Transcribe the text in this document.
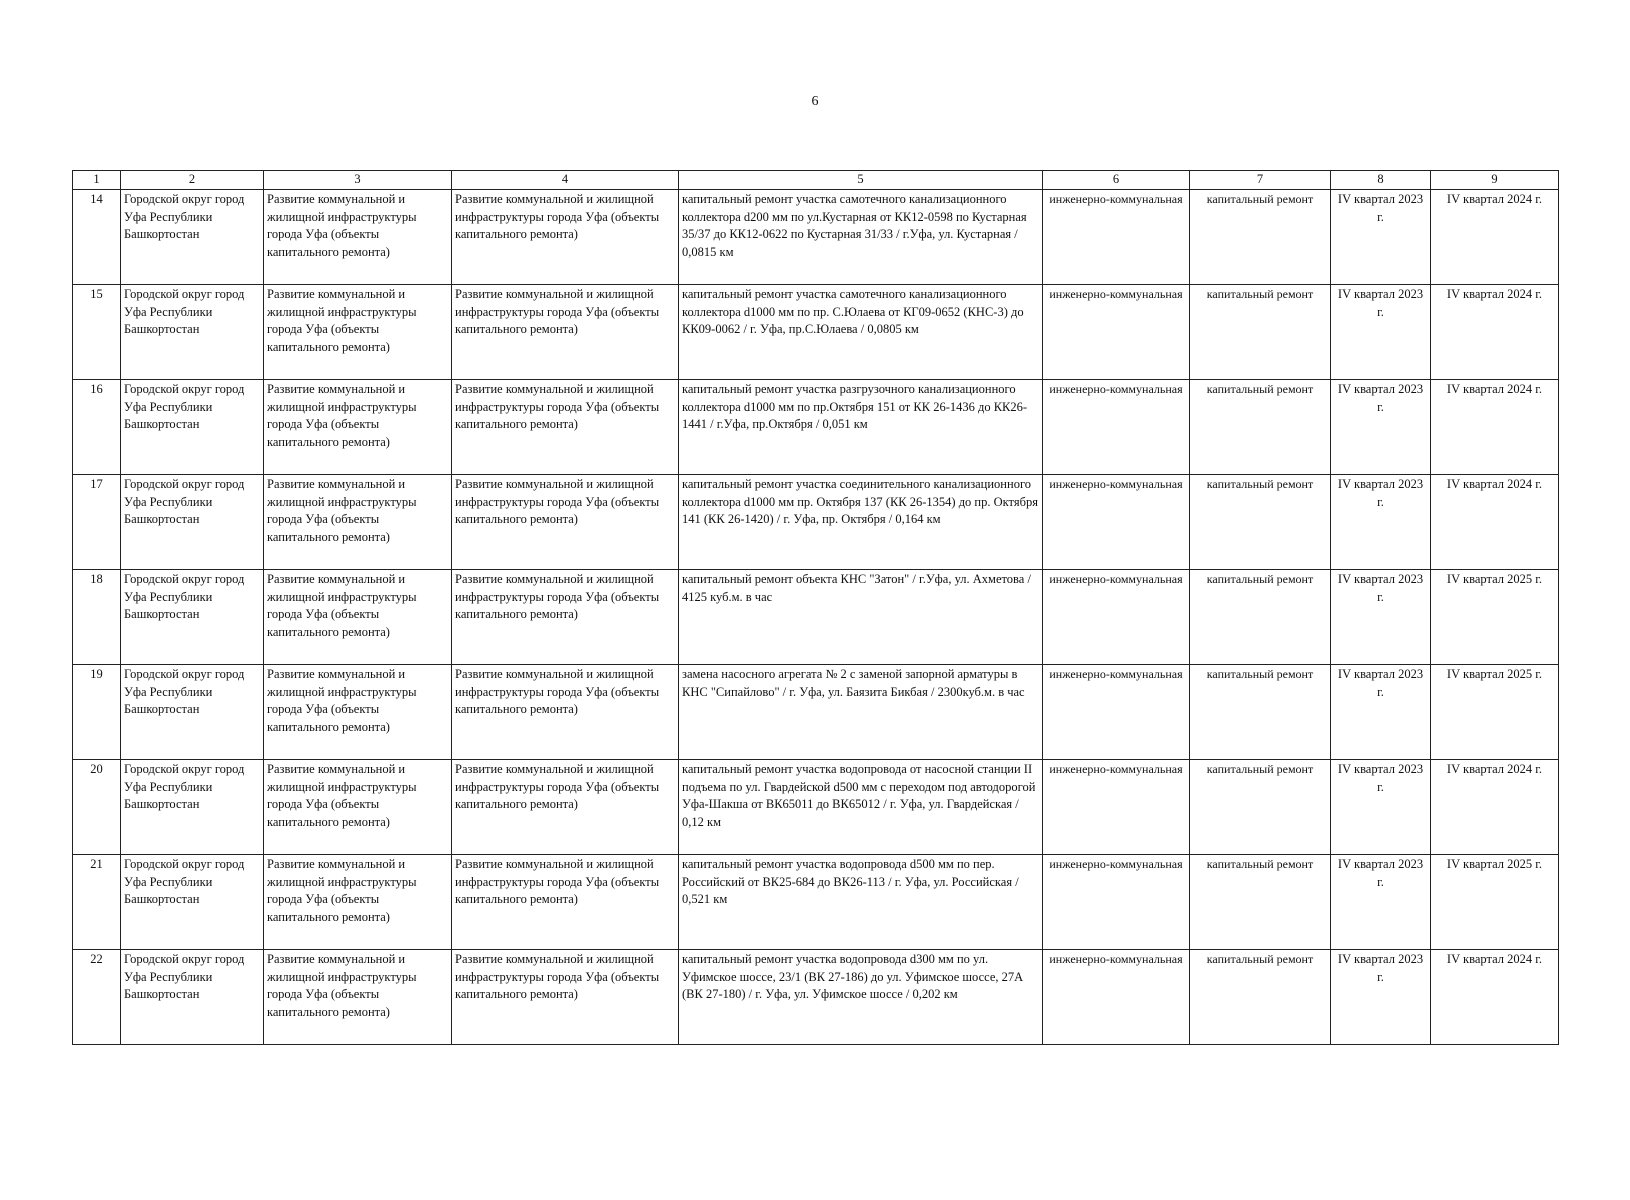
6
1	2	3	4	5	6	7	8	9
14	Городской округ город Уфа Республики Башкортостан	Развитие коммунальной и жилищной инфраструктуры города Уфа (объекты капитального ремонта)	Развитие коммунальной и жилищной инфраструктуры города Уфа (объекты капитального ремонта)	капитальный ремонт участка самотечного канализационного коллектора d200 мм по ул.Кустарная от КК12-0598 по Кустарная 35/37 до КК12-0622 по Кустарная 31/33 / г.Уфа, ул. Кустарная / 0,0815 км	инженерно-коммунальная	капитальный ремонт	IV квартал 2023 г.	IV квартал 2024 г.
15	Городской округ город Уфа Республики Башкортостан	Развитие коммунальной и жилищной инфраструктуры города Уфа (объекты капитального ремонта)	Развитие коммунальной и жилищной инфраструктуры города Уфа (объекты капитального ремонта)	капитальный ремонт участка самотечного канализационного коллектора d1000 мм по пр. С.Юлаева от КГ09-0652 (КНС-3) до КК09-0062 / г. Уфа, пр.С.Юлаева / 0,0805 км	инженерно-коммунальная	капитальный ремонт	IV квартал 2023 г.	IV квартал 2024 г.
16	Городской округ город Уфа Республики Башкортостан	Развитие коммунальной и жилищной инфраструктуры города Уфа (объекты капитального ремонта)	Развитие коммунальной и жилищной инфраструктуры города Уфа (объекты капитального ремонта)	капитальный ремонт участка разгрузочного канализационного коллектора d1000 мм по пр.Октября 151 от КК 26-1436 до КК26-1441 / г.Уфа, пр.Октября / 0,051 км	инженерно-коммунальная	капитальный ремонт	IV квартал 2023 г.	IV квартал 2024 г.
17	Городской округ город Уфа Республики Башкортостан	Развитие коммунальной и жилищной инфраструктуры города Уфа (объекты капитального ремонта)	Развитие коммунальной и жилищной инфраструктуры города Уфа (объекты капитального ремонта)	капитальный ремонт участка соединительного канализационного коллектора d1000 мм пр. Октября 137 (КК 26-1354) до пр. Октября 141 (КК 26-1420) / г. Уфа, пр. Октября / 0,164 км	инженерно-коммунальная	капитальный ремонт	IV квартал 2023 г.	IV квартал 2024 г.
18	Городской округ город Уфа Республики Башкортостан	Развитие коммунальной и жилищной инфраструктуры города Уфа (объекты капитального ремонта)	Развитие коммунальной и жилищной инфраструктуры города Уфа (объекты капитального ремонта)	капитальный ремонт объекта КНС "Затон" / г.Уфа, ул. Ахметова / 4125 куб.м. в час	инженерно-коммунальная	капитальный ремонт	IV квартал 2023 г.	IV квартал 2025 г.
19	Городской округ город Уфа Республики Башкортостан	Развитие коммунальной и жилищной инфраструктуры города Уфа (объекты капитального ремонта)	Развитие коммунальной и жилищной инфраструктуры города Уфа (объекты капитального ремонта)	замена насосного агрегата № 2 с заменой запорной арматуры в КНС "Сипайлово" / г. Уфа, ул. Баязита Бикбая / 2300куб.м. в час	инженерно-коммунальная	капитальный ремонт	IV квартал 2023 г.	IV квартал 2025 г.
20	Городской округ город Уфа Республики Башкортостан	Развитие коммунальной и жилищной инфраструктуры города Уфа (объекты капитального ремонта)	Развитие коммунальной и жилищной инфраструктуры города Уфа (объекты капитального ремонта)	капитальный ремонт участка водопровода от насосной станции II подъема по ул. Гвардейской d500 мм с переходом под автодорогой Уфа-Шакша от ВК65011 до ВК65012 / г. Уфа, ул. Гвардейская / 0,12 км	инженерно-коммунальная	капитальный ремонт	IV квартал 2023 г.	IV квартал 2024 г.
21	Городской округ город Уфа Республики Башкортостан	Развитие коммунальной и жилищной инфраструктуры города Уфа (объекты капитального ремонта)	Развитие коммунальной и жилищной инфраструктуры города Уфа (объекты капитального ремонта)	капитальный ремонт участка водопровода d500 мм по пер. Российский от ВК25-684 до ВК26-113 / г. Уфа, ул. Российская / 0,521 км	инженерно-коммунальная	капитальный ремонт	IV квартал 2023 г.	IV квартал 2025 г.
22	Городской округ город Уфа Республики Башкортостан	Развитие коммунальной и жилищной инфраструктуры города Уфа (объекты капитального ремонта)	Развитие коммунальной и жилищной инфраструктуры города Уфа (объекты капитального ремонта)	капитальный ремонт участка водопровода d300 мм по ул. Уфимское шоссе, 23/1 (ВК 27-186) до ул. Уфимское шоссе, 27А (ВК 27-180) / г. Уфа, ул. Уфимское шоссе / 0,202 км	инженерно-коммунальная	капитальный ремонт	IV квартал 2023 г.	IV квартал 2024 г.
